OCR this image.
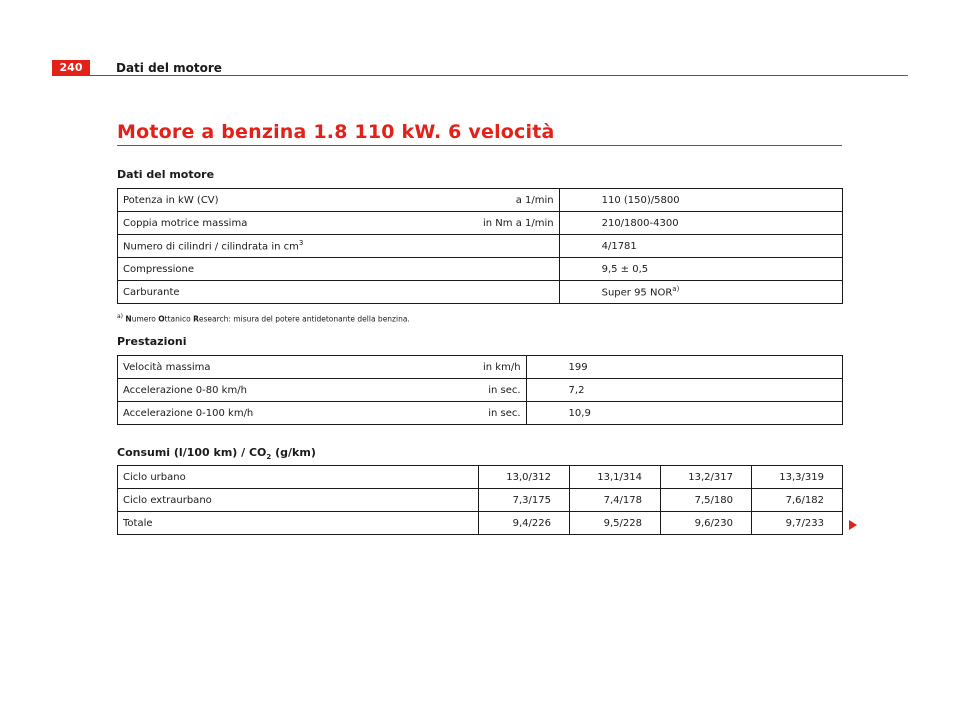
240	Dati del motore
Motore a benzina 1.8 110 kW. 6 velocità
Dati del motore
Potenza in kW (CV)	a 1/min	110 (150)/5800
Coppia motrice massima	in Nm a 1/min	210/1800-4300
Numero di cilindri / cilindrata in $cm^3$		4/1781
Compressione		9,5 ± 0,5
Carburante		Super 95 NOR$^{a)}$
$^{a)}$ Numero Ottanico Research: misura del potere antidetonante della benzina.
Prestazioni
Velocità massima	in km/h	199
Accelerazione 0-80 km/h	in sec.	7,2
Accelerazione 0-100 km/h	in sec.	10,9
Consumi (l/100 $km) / CO_2$ (g/km)
Ciclo urbano	13,0/312	13,1/314	13,2/317	13,3/319
Ciclo extraurbano	7,3/175	7,4/178	7,5/180	7,6/182
Totale	9,4/226	9,5/228	9,6/230	9,7/233
